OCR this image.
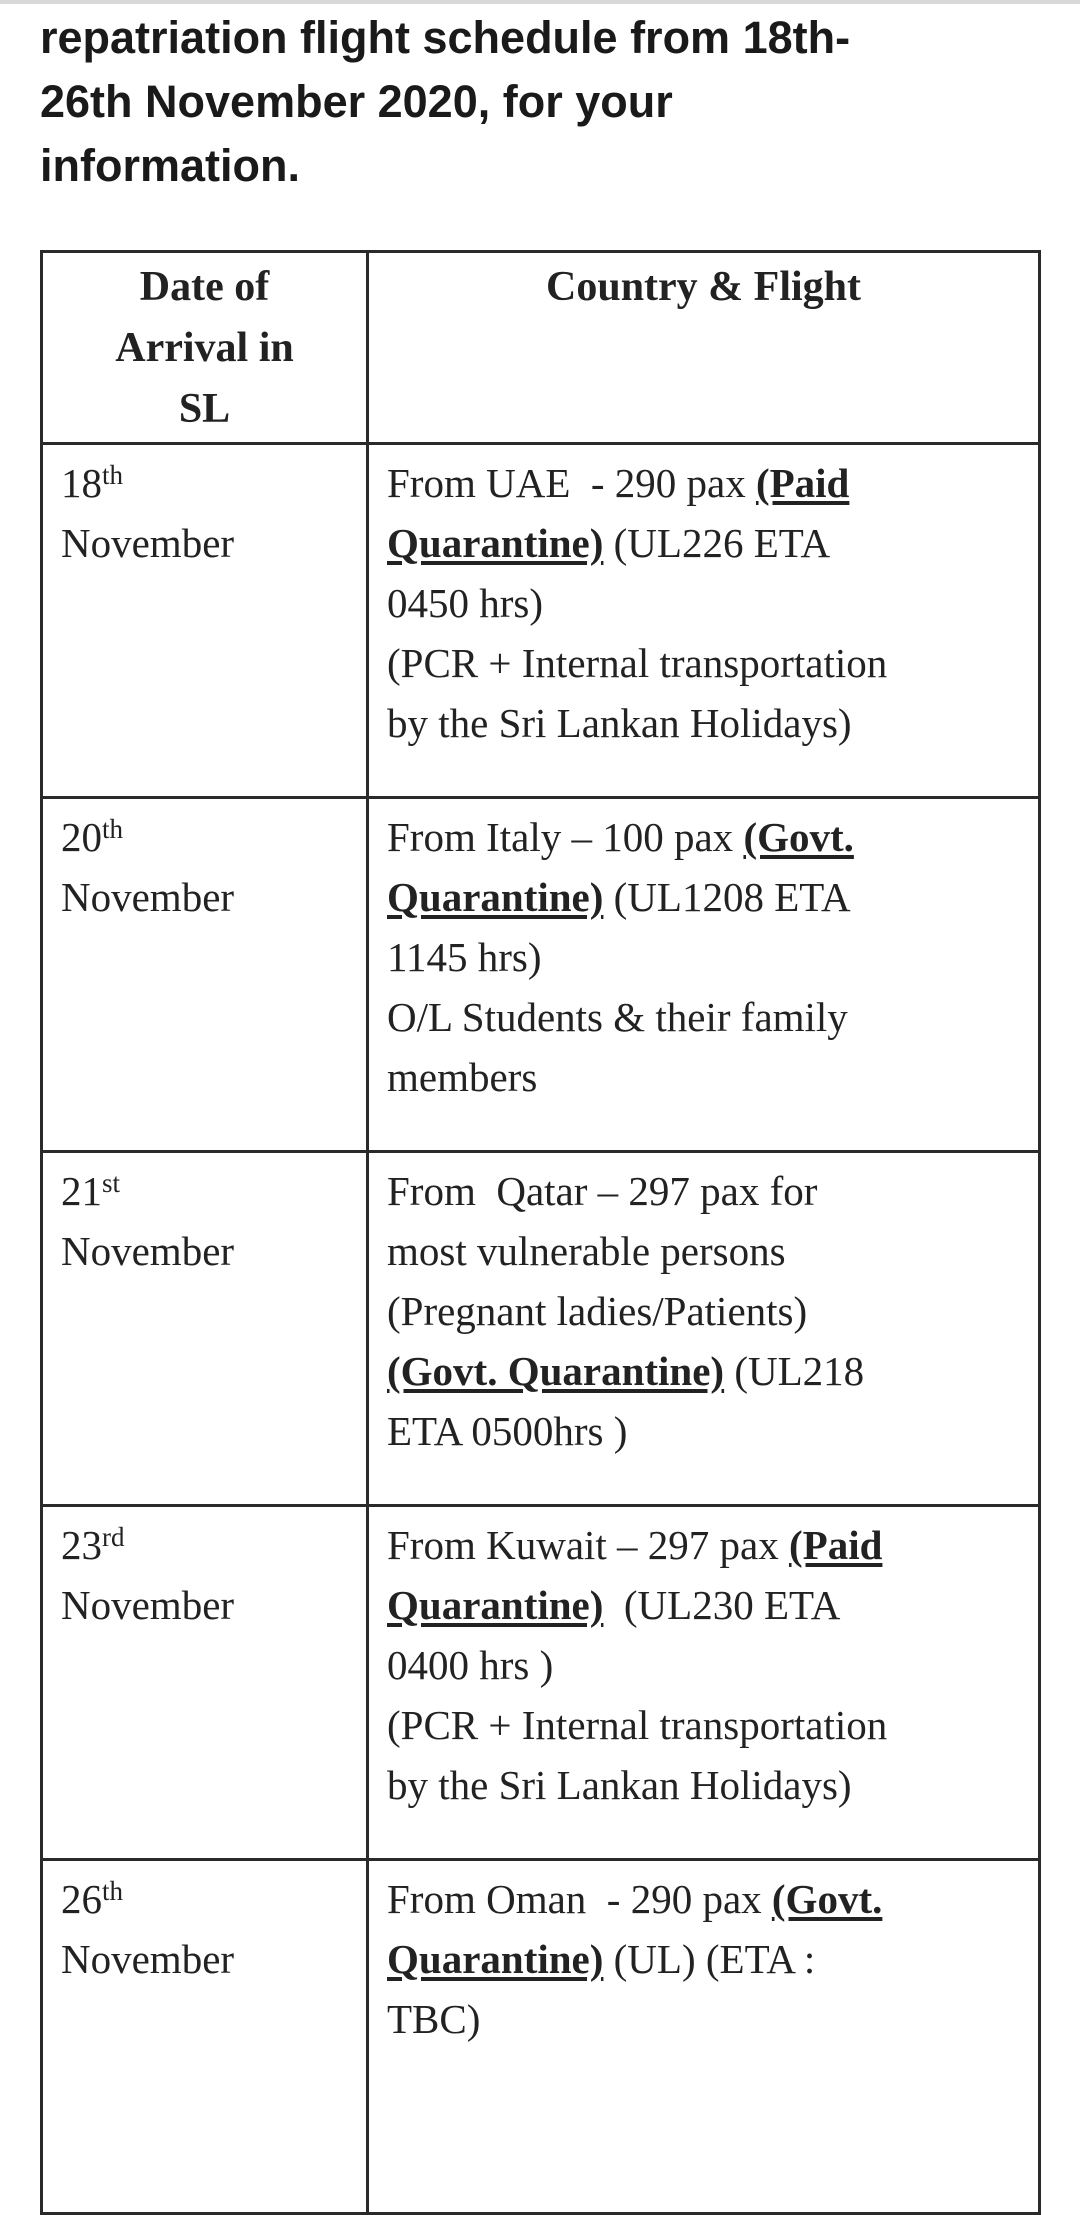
repatriation flight schedule from 18th-
26th November 2020, for your
information.

Date of
Arrival in
SL	Country & Flight

18th
November	From UAE  - 290 pax (Paid
Quarantine) (UL226 ETA
0450 hrs)
(PCR + Internal transportation
by the Sri Lankan Holidays)

20th
November	From Italy – 100 pax (Govt.
Quarantine) (UL1208 ETA
1145 hrs)
O/L Students & their family
members

21st
November	From  Qatar – 297 pax for
most vulnerable persons
(Pregnant ladies/Patients)
(Govt. Quarantine) (UL218
ETA 0500hrs )

23rd
November	From Kuwait – 297 pax (Paid
Quarantine)  (UL230 ETA
0400 hrs )
(PCR + Internal transportation
by the Sri Lankan Holidays)

26th
November	From Oman  - 290 pax (Govt.
Quarantine) (UL) (ETA :
TBC)
